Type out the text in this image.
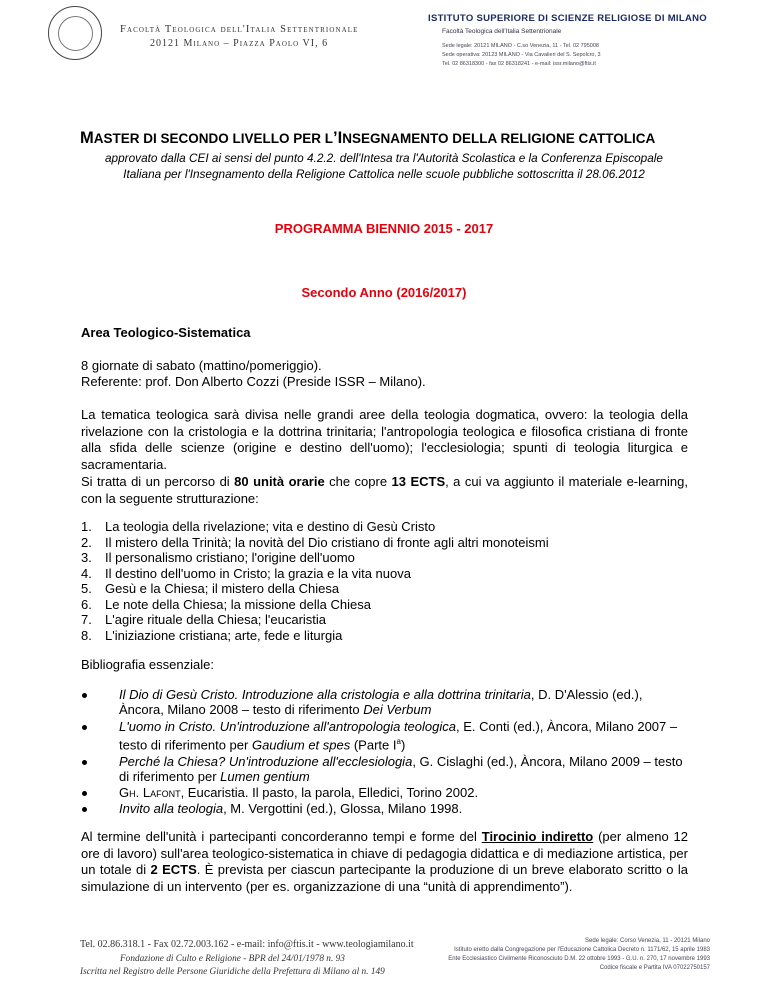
Facoltà Teologica dell'Italia Settentrionale
20121 Milano – Piazza Paolo VI, 6
ISTITUTO SUPERIORE DI SCIENZE RELIGIOSE DI MILANO
Facoltà Teologica dell'Italia Settentrionale
Sede legale: 20121 MILANO - C.so Venezia, 11 - Tel. 02 795008
Sede operativa: 20123 MILANO - Via Cavalieri del S. Sepolcro, 3
Tel. 02 86318300 - fax 02 86318241 - e-mail: issr.milano@ftis.it
MASTER DI SECONDO LIVELLO PER L’INSEGNAMENTO DELLA RELIGIONE CATTOLICA
approvato dalla CEI ai sensi del punto 4.2.2. dell'Intesa tra l'Autorità Scolastica e la Conferenza Episcopale
Italiana per l'Insegnamento della Religione Cattolica nelle scuole pubbliche sottoscritta il 28.06.2012
PROGRAMMA BIENNIO 2015 - 2017
Secondo Anno (2016/2017)
Area Teologico-Sistematica
8 giornate di sabato (mattino/pomeriggio).
Referente: prof. Don Alberto Cozzi (Preside ISSR – Milano).
La tematica teologica sarà divisa nelle grandi aree della teologia dogmatica, ovvero: la teologia della rivelazione con la cristologia e la dottrina trinitaria; l'antropologia teologica e filosofica cristiana di fronte alla sfida delle scienze (origine e destino dell'uomo); l'ecclesiologia; spunti di teologia liturgica e sacramentaria.
Si tratta di un percorso di 80 unità orarie che copre 13 ECTS, a cui va aggiunto il materiale e-learning, con la seguente strutturazione:
1. La teologia della rivelazione; vita e destino di Gesù Cristo
2. Il mistero della Trinità; la novità del Dio cristiano di fronte agli altri monoteismi
3. Il personalismo cristiano; l'origine dell'uomo
4. Il destino dell'uomo in Cristo; la grazia e la vita nuova
5. Gesù e la Chiesa; il mistero della Chiesa
6. Le note della Chiesa; la missione della Chiesa
7. L'agire rituale della Chiesa; l'eucaristia
8. L'iniziazione cristiana; arte, fede e liturgia
Bibliografia essenziale:
Il Dio di Gesù Cristo. Introduzione alla cristologia e alla dottrina trinitaria, D. D'Alessio (ed.), Àncora, Milano 2008 – testo di riferimento Dei Verbum
L'uomo in Cristo. Un'introduzione all'antropologia teologica, E. Conti (ed.), Àncora, Milano 2007 – testo di riferimento per Gaudium et spes (Parte $I^a$)
Perché la Chiesa? Un'introduzione all'ecclesiologia, G. Cislaghi (ed.), Àncora, Milano 2009 – testo di riferimento per Lumen gentium
Gh. Lafont, Eucaristia. Il pasto, la parola, Elledici, Torino 2002.
Invito alla teologia, M. Vergottini (ed.), Glossa, Milano 1998.
Al termine dell'unità i partecipanti concorderanno tempi e forme del Tirocinio indiretto (per almeno 12 ore di lavoro) sull'area teologico-sistematica in chiave di pedagogia didattica e di mediazione artistica, per un totale di 2 ECTS. È prevista per ciascun partecipante la produzione di un breve elaborato scritto o la simulazione di un intervento (per es. organizzazione di una “unità di apprendimento”).
Tel. 02.86.318.1 - Fax 02.72.003.162 - e-mail: info@ftis.it - www.teologiamilano.it
Fondazione di Culto e Religione - BPR del 24/01/1978 n. 93
Iscritta nel Registro delle Persone Giuridiche della Prefettura di Milano al n. 149
Sede legale: Corso Venezia, 11 - 20121 Milano
Istituto eretto dalla Congregazione per l'Educazione Cattolica Decreto n. 1171/62, 15 aprile 1983
Ente Ecclesiastico Civilmente Riconosciuto D.M. 22 ottobre 1993 - G.U. n. 270, 17 novembre 1993
Codice fiscale e Partita IVA 07022750157
